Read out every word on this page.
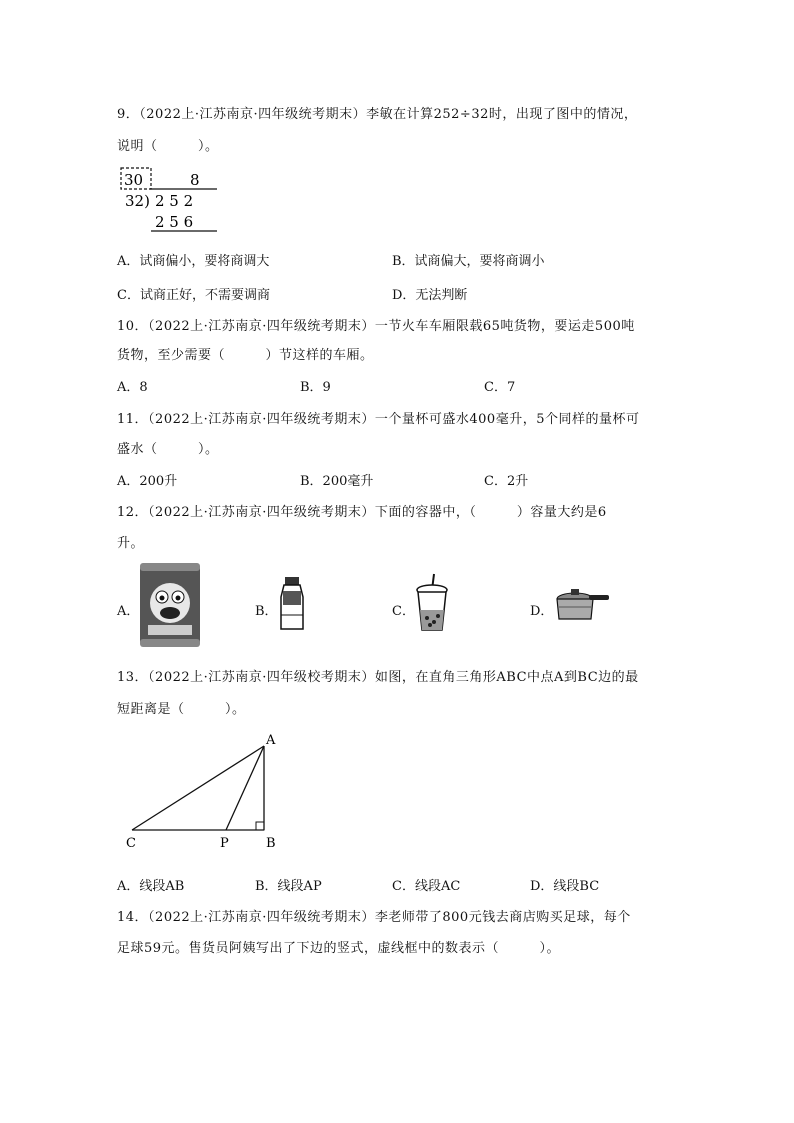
9．（2022上·江苏南京·四年级统考期末）李敏在计算252÷32时，出现了图中的情况，
说明（　　　）。
30	8
32) 2 5 2
2 5 6
A．试商偏小，要将商调大	B．试商偏大，要将商调小
C．试商正好，不需要调商	D．无法判断
10．（2022上·江苏南京·四年级统考期末）一节火车车厢限载65吨货物，要运走500吨
货物，至少需要（　　　）节这样的车厢。
A．8	B．9	C．7
11．（2022上·江苏南京·四年级统考期末）一个量杯可盛水400毫升，5个同样的量杯可
盛水（　　　）。
A．200升	B．200毫升	C．2升
12．（2022上·江苏南京·四年级统考期末）下面的容器中，（　　　）容量大约是6
升。
A．	B．	C．	D．
13．（2022上·江苏南京·四年级校考期末）如图，在直角三角形ABC中点A到BC边的最
短距离是（　　　）。
A
B
C	P
A．线段AB	B．线段AP	C．线段AC	D．线段BC
14．（2022上·江苏南京·四年级统考期末）李老师带了800元钱去商店购买足球，每个
足球59元。售货员阿姨写出了下边的竖式，虚线框中的数表示（　　　）。
